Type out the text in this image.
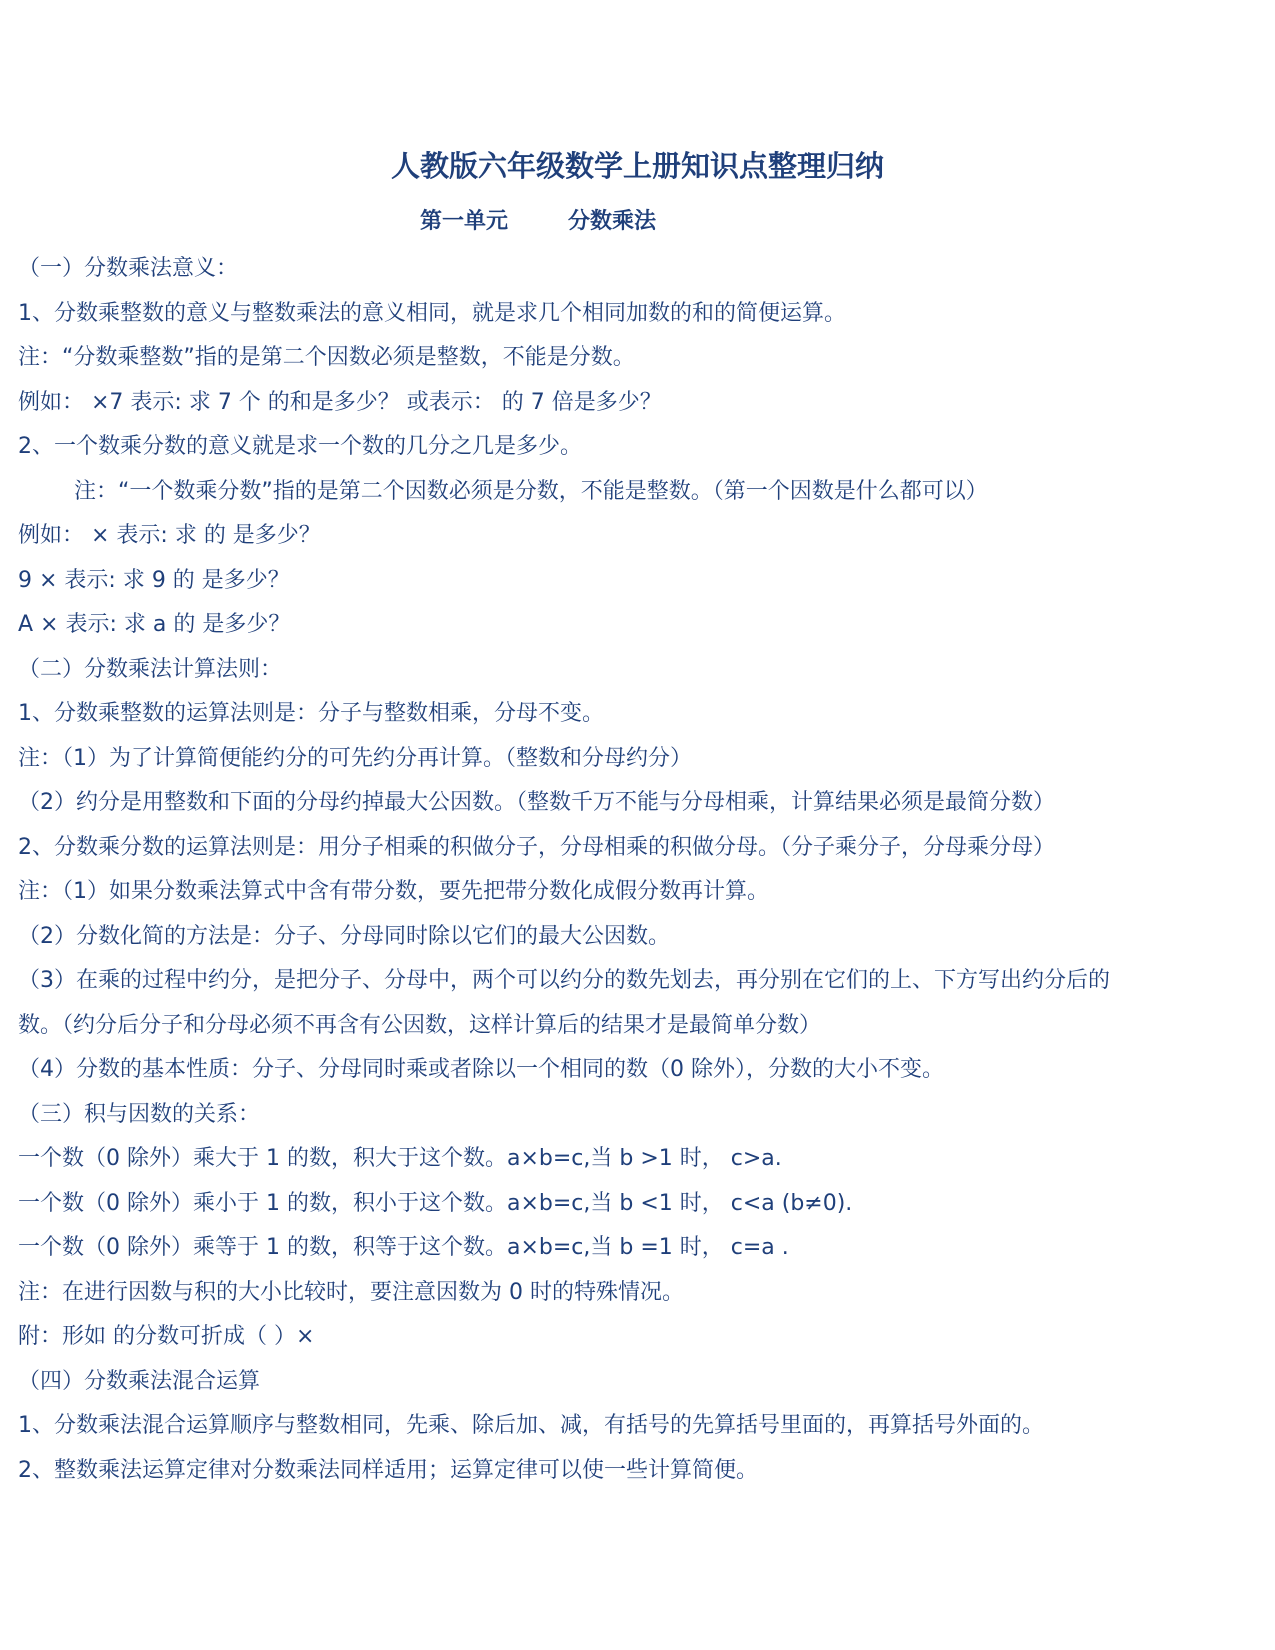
人教版六年级数学上册知识点整理归纳
第一单元	分数乘法
（一）分数乘法意义：
1、分数乘整数的意义与整数乘法的意义相同，就是求几个相同加数的和的简便运算。
注：“分数乘整数”指的是第二个因数必须是整数，不能是分数。
例如： ×7 表示: 求 7 个 的和是多少？ 或表示： 的 7 倍是多少？
2、一个数乘分数的意义就是求一个数的几分之几是多少。
注：“一个数乘分数”指的是第二个因数必须是分数，不能是整数。（第一个因数是什么都可以）
例如： × 表示: 求 的 是多少？
9 × 表示: 求 9 的 是多少？
A × 表示: 求 a 的 是多少？
（二）分数乘法计算法则：
1、分数乘整数的运算法则是：分子与整数相乘，分母不变。
注：（1）为了计算简便能约分的可先约分再计算。（整数和分母约分）
（2）约分是用整数和下面的分母约掉最大公因数。（整数千万不能与分母相乘，计算结果必须是最简分数）
2、分数乘分数的运算法则是：用分子相乘的积做分子，分母相乘的积做分母。（分子乘分子，分母乘分母）
注：（1）如果分数乘法算式中含有带分数，要先把带分数化成假分数再计算。
（2）分数化简的方法是：分子、分母同时除以它们的最大公因数。
（3）在乘的过程中约分，是把分子、分母中，两个可以约分的数先划去，再分别在它们的上、下方写出约分后的
数。（约分后分子和分母必须不再含有公因数，这样计算后的结果才是最简单分数）
（4）分数的基本性质：分子、分母同时乘或者除以一个相同的数（0 除外），分数的大小不变。
（三）积与因数的关系：
一个数（0 除外）乘大于 1 的数，积大于这个数。a×b=c,当 b >1 时， c>a.
一个数（0 除外）乘小于 1 的数，积小于这个数。a×b=c,当 b <1 时， c<a (b≠0).
一个数（0 除外）乘等于 1 的数，积等于这个数。a×b=c,当 b =1 时， c=a .
注：在进行因数与积的大小比较时，要注意因数为 0 时的特殊情况。
附：形如 的分数可折成（ ）×
（四）分数乘法混合运算
1、分数乘法混合运算顺序与整数相同，先乘、除后加、减，有括号的先算括号里面的，再算括号外面的。
2、整数乘法运算定律对分数乘法同样适用；运算定律可以使一些计算简便。
